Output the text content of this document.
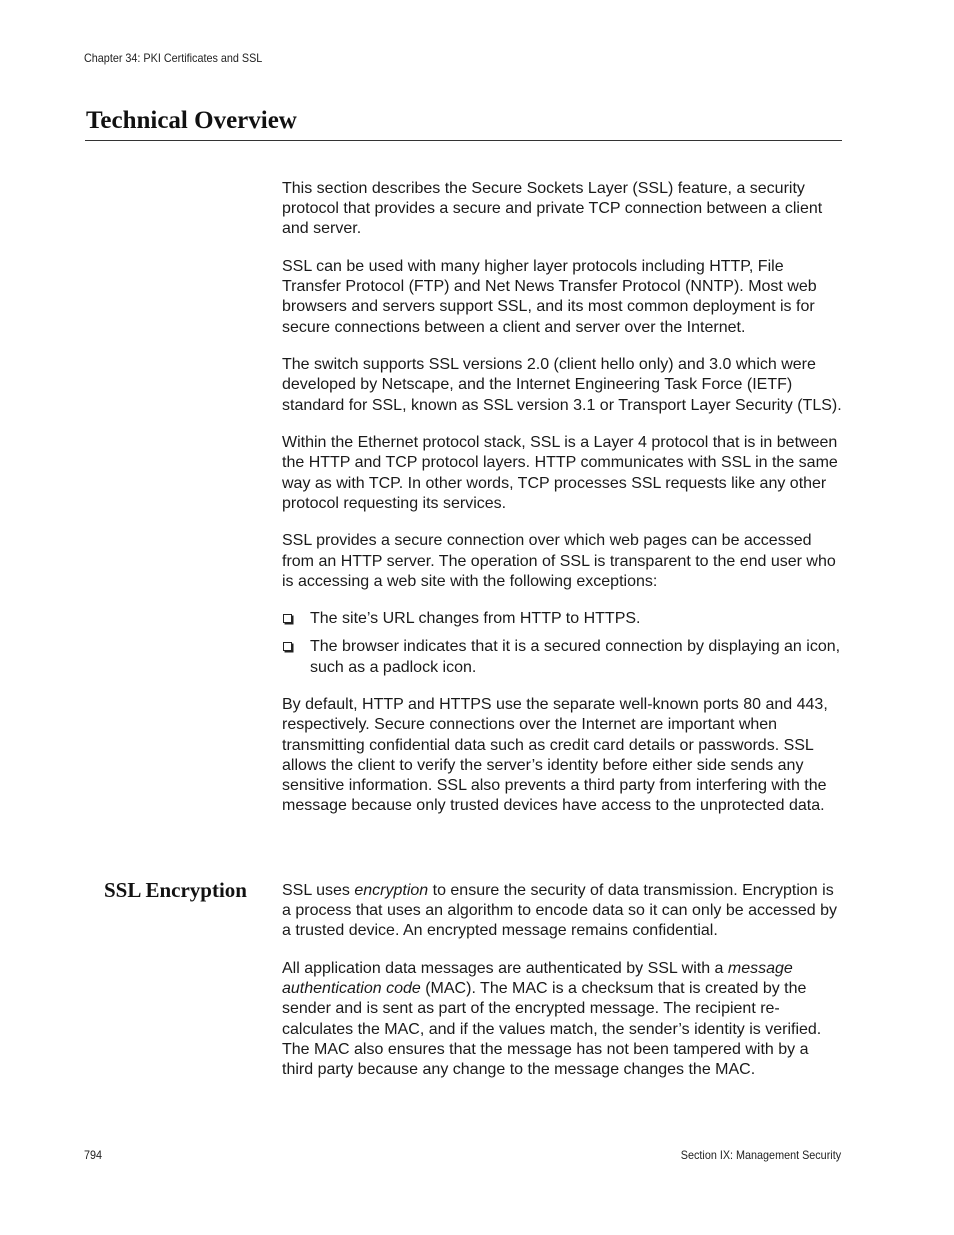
Chapter 34: PKI Certificates and SSL
Technical Overview

This section describes the Secure Sockets Layer (SSL) feature, a security protocol that provides a secure and private TCP connection between a client and server.

SSL can be used with many higher layer protocols including HTTP, File Transfer Protocol (FTP) and Net News Transfer Protocol (NNTP). Most web browsers and servers support SSL, and its most common deployment is for secure connections between a client and server over the Internet.

The switch supports SSL versions 2.0 (client hello only) and 3.0 which were developed by Netscape, and the Internet Engineering Task Force (IETF) standard for SSL, known as SSL version 3.1 or Transport Layer Security (TLS).

Within the Ethernet protocol stack, SSL is a Layer 4 protocol that is in between the HTTP and TCP protocol layers. HTTP communicates with SSL in the same way as with TCP. In other words, TCP processes SSL requests like any other protocol requesting its services.

SSL provides a secure connection over which web pages can be accessed from an HTTP server. The operation of SSL is transparent to the end user who is accessing a web site with the following exceptions:

The site’s URL changes from HTTP to HTTPS.
The browser indicates that it is a secured connection by displaying an icon, such as a padlock icon.

By default, HTTP and HTTPS use the separate well-known ports 80 and 443, respectively. Secure connections over the Internet are important when transmitting confidential data such as credit card details or passwords. SSL allows the client to verify the server’s identity before either side sends any sensitive information. SSL also prevents a third party from interfering with the message because only trusted devices have access to the unprotected data.

SSL Encryption SSL uses encryption to ensure the security of data transmission. Encryption is a process that uses an algorithm to encode data so it can only be accessed by a trusted device. An encrypted message remains confidential.

All application data messages are authenticated by SSL with a message authentication code (MAC). The MAC is a checksum that is created by the sender and is sent as part of the encrypted message. The recipient re-calculates the MAC, and if the values match, the sender’s identity is verified. The MAC also ensures that the message has not been tampered with by a third party because any change to the message changes the MAC.

794	Section IX: Management Security
